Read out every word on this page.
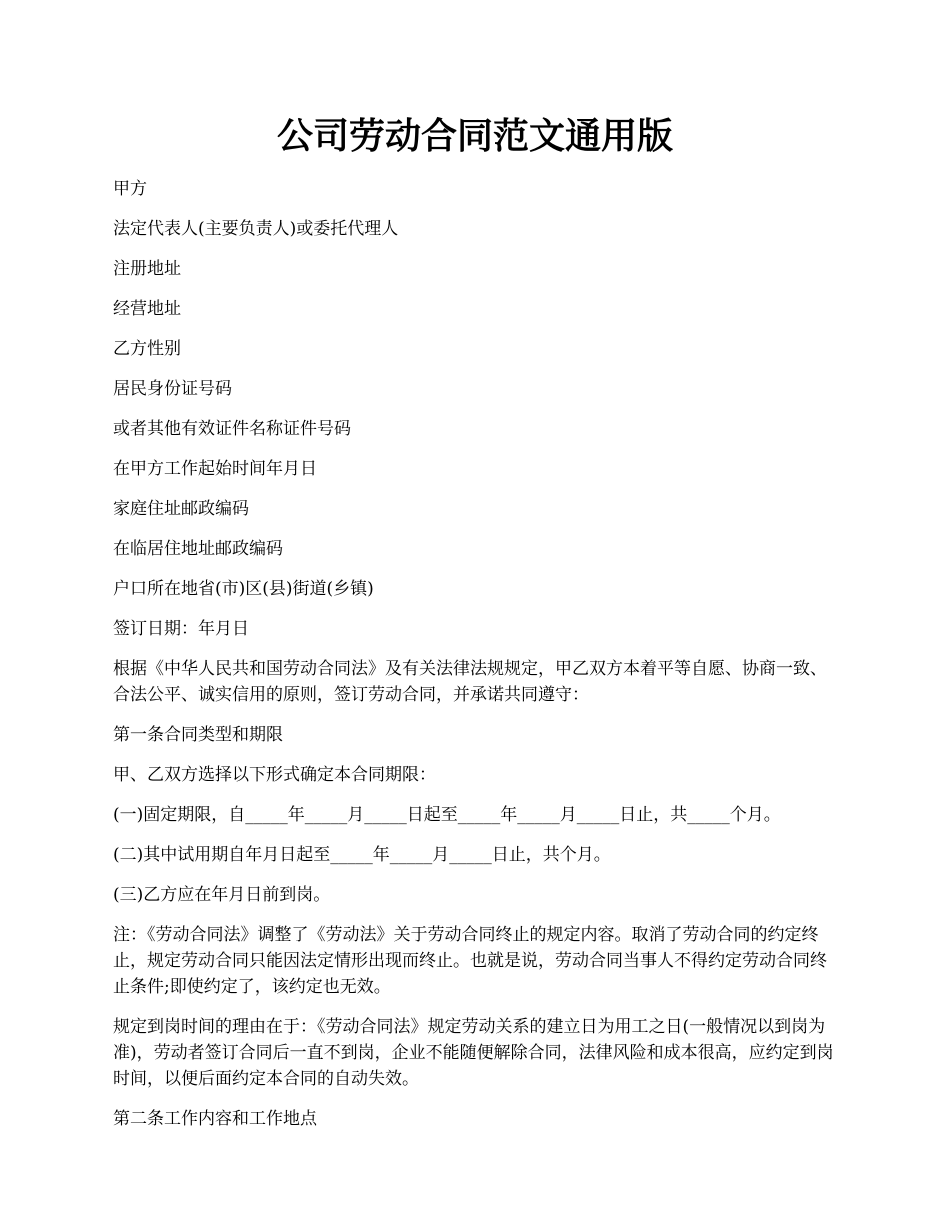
公司劳动合同范文通用版

甲方

法定代表人(主要负责人)或委托代理人

注册地址

经营地址

乙方性别

居民身份证号码

或者其他有效证件名称证件号码

在甲方工作起始时间年月日

家庭住址邮政编码

在临居住地址邮政编码

户口所在地省(市)区(县)街道(乡镇)

签订日期：年月日

根据《中华人民共和国劳动合同法》及有关法律法规规定，甲乙双方本着平等自愿、协商一致、合法公平、诚实信用的原则，签订劳动合同，并承诺共同遵守：

第一条合同类型和期限

甲、乙双方选择以下形式确定本合同期限：

(一)固定期限，自_____年_____月_____日起至_____年_____月_____日止，共_____个月。

(二)其中试用期自年月日起至_____年_____月_____日止，共个月。

(三)乙方应在年月日前到岗。

注：《劳动合同法》调整了《劳动法》关于劳动合同终止的规定内容。取消了劳动合同的约定终止，规定劳动合同只能因法定情形出现而终止。也就是说，劳动合同当事人不得约定劳动合同终止条件;即使约定了，该约定也无效。

规定到岗时间的理由在于：《劳动合同法》规定劳动关系的建立日为用工之日(一般情况以到岗为准)，劳动者签订合同后一直不到岗，企业不能随便解除合同，法律风险和成本很高，应约定到岗时间，以便后面约定本合同的自动失效。

第二条工作内容和工作地点
